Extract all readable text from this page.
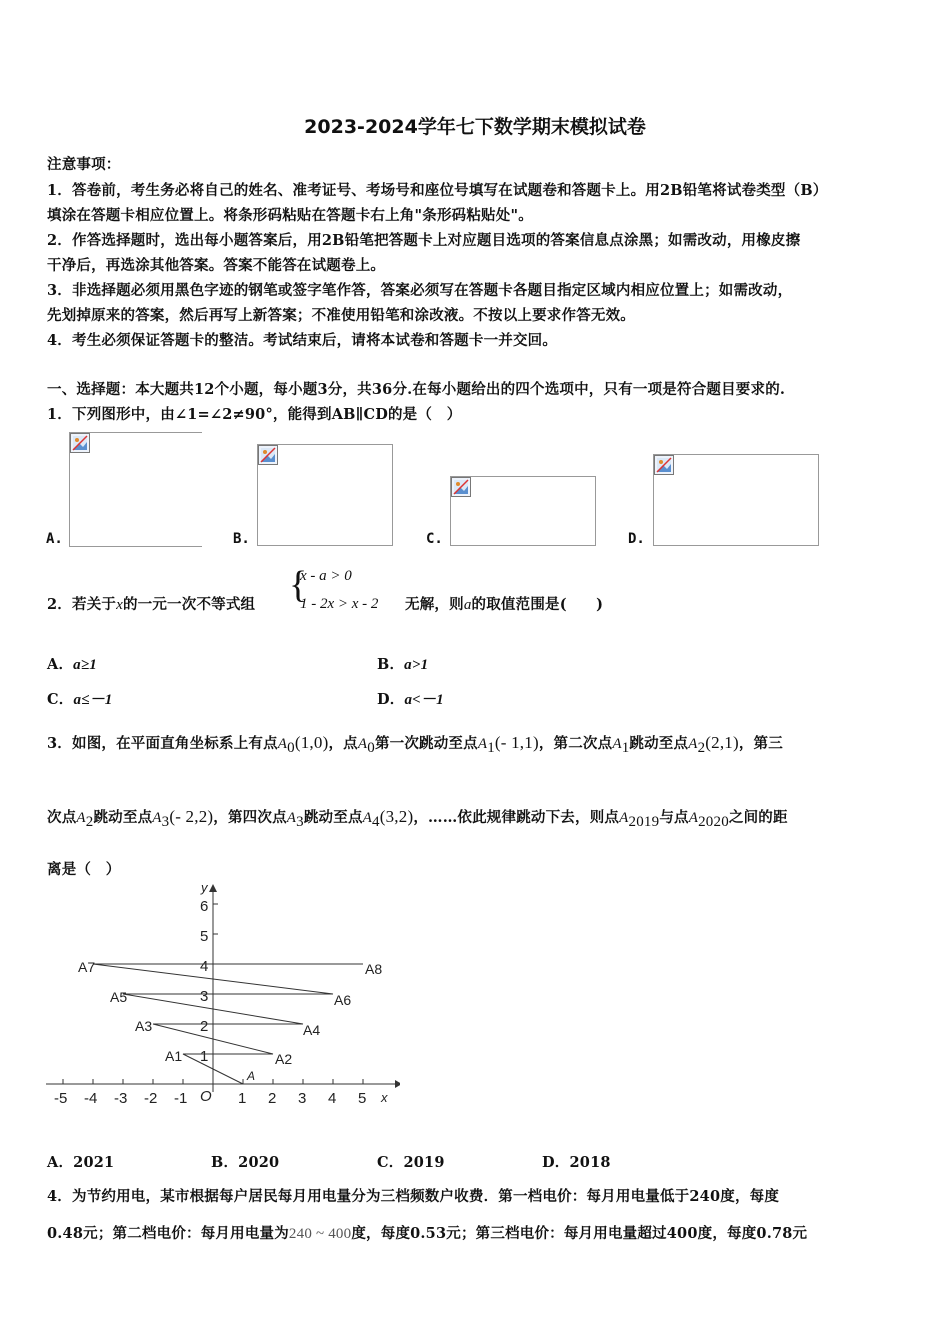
2023-2024学年七下数学期末模拟试卷
注意事项：
1．答卷前，考生务必将自己的姓名、准考证号、考场号和座位号填写在试题卷和答题卡上。用2B铅笔将试卷类型（B）
填涂在答题卡相应位置上。将条形码粘贴在答题卡右上角"条形码粘贴处"。
2．作答选择题时，选出每小题答案后，用2B铅笔把答题卡上对应题目选项的答案信息点涂黑；如需改动，用橡皮擦
干净后，再选涂其他答案。答案不能答在试题卷上。
3．非选择题必须用黑色字迹的钢笔或签字笔作答，答案必须写在答题卡各题目指定区域内相应位置上；如需改动，
先划掉原来的答案，然后再写上新答案；不准使用铅笔和涂改液。不按以上要求作答无效。
4．考生必须保证答题卡的整洁。考试结束后，请将本试卷和答题卡一并交回。
一、选择题：本大题共12个小题，每小题3分，共36分.在每小题给出的四个选项中，只有一项是符合题目要求的.
1．下列图形中，由∠1=∠2≠90°，能得到AB∥CD的是（　）
A.	B.	C.	D.
2．若关于x的一元一次不等式组 {
x - a > 0
1 - 2x > x - 2 无解，则a的取值范围是(　　)
A．a≥1	B．a>1
C．a≤－1	D．a<－1
3．如图，在平面直角坐标系上有点$A_0(1,0)$，点$A_0$第一次跳动至点$A_1(-$ 1,1)，第二次点$A_1$跳动至点$A_2(2,1)$，第三
次点$A_2$跳动至点$A_3(-$ 2,2)，第四次点$A_3$跳动至点$A_4(3,2)$，……依此规律跳动下去，则点$A_{2019}$与点$A_{2020}$之间的距
离是（　）
y
x
O
-5 -4 -3 -2 -1	1 2 3 4 5
1
2
3
4
5
6
A
A1	A2
A3	A4
A5	A6
A7	A8
A．2021	B．2020	C．2019	D．2018
4．为节约用电，某市根据每户居民每月用电量分为三档频数户收费．第一档电价：每月用电量低于240度，每度
0.48元；第二档电价：每月用电量为240 ~ 400度，每度0.53元；第三档电价：每月用电量超过400度，每度0.78元
